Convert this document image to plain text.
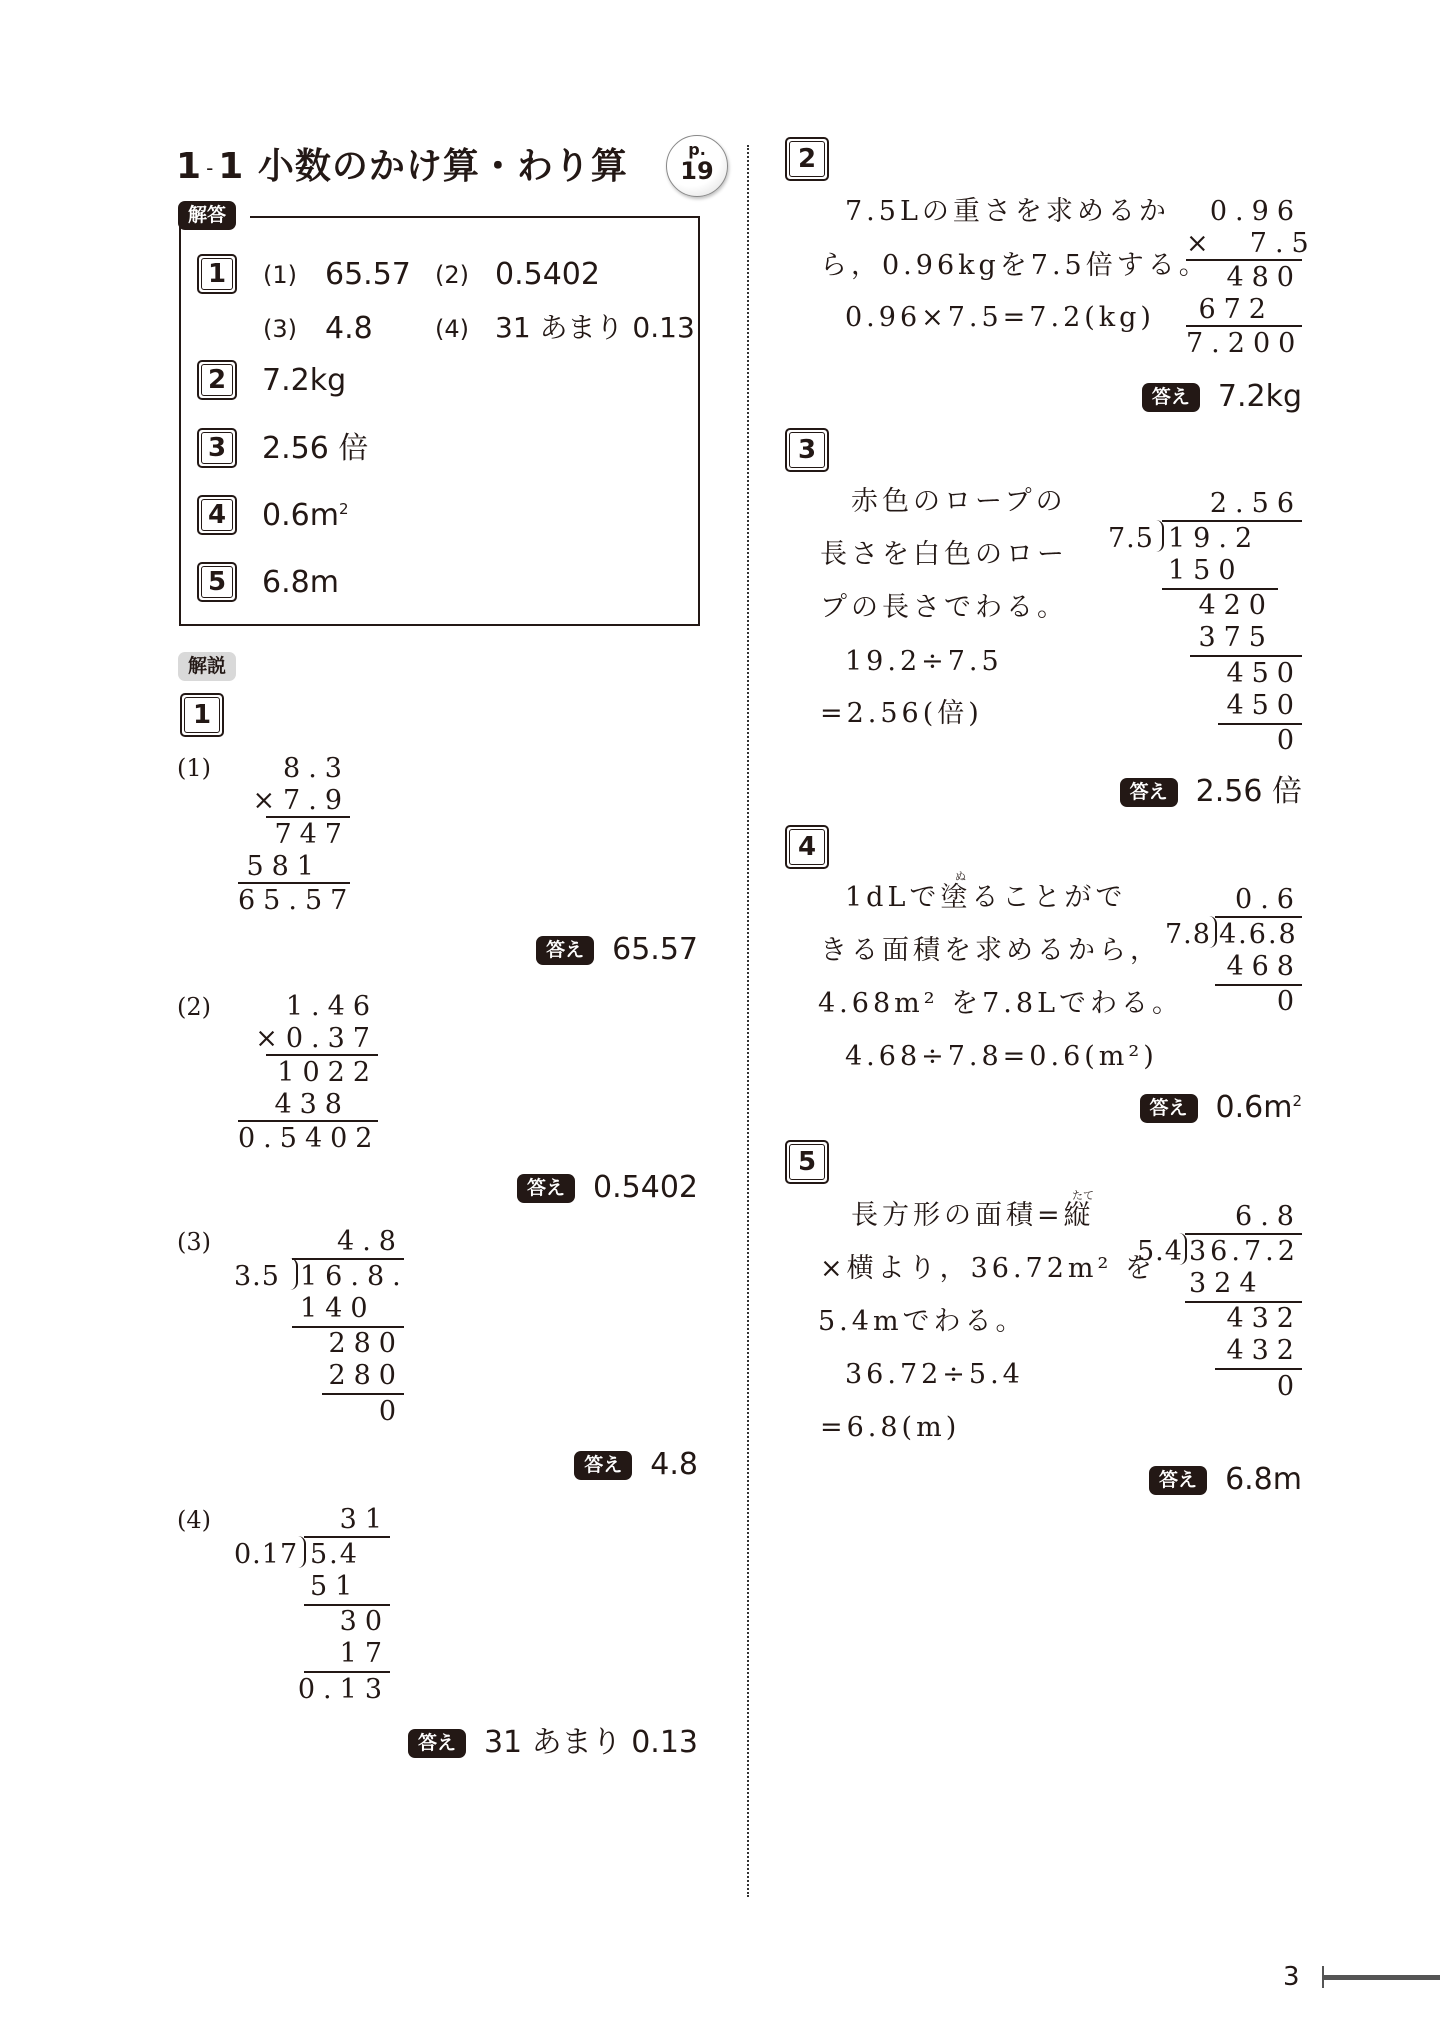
1 - 1 小数のかけ算・わり算	p.
19
解答
1 (1) 65.57 (2) 0.5402
(3) 4.8	(4) 31 あまり 0.13
2 7.2kg
3 2.56 倍
4 $0.6m^2$
5 6.8m
解説
1
(1)	8.3
×7.9
747
581
65.57
答え 65.57
(2)	1.46
×0.37
1022
438
0.5402
答え 0.5402
(3)	4.8
3.5 16.8.
140
280
280
0
答え 4.8
(4)	31
0.17 5.4
51
30
17
0.13
答え 31 あまり 0.13
2
7.5Lの重さを求めるか
ら，0.96kgを7.5倍する。
0.96×7.5=7.2(kg)
0.96
×  7.5
480
672
7.200
答え 7.2kg
3
赤色のロープの
長さを白色のロー
プの長さでわる。
19.2÷7.5
=2.56(倍)
2.56
7.5 19.2
150
420
375
450
450
0
答え 2.56 倍
4
ぬ
1dLで塗ることがで
きる面積を求めるから，
4.68m² を7.8Lでわる。
4.68÷7.8=0.6(m²)
0.6
7.8 4.6.8
468
0
答え $0.6m^2$
5
たて
長方形の面積=縦
×横より，36.72m² を
5.4mでわる。
36.72÷5.4
=6.8(m)
6.8
5.4 36.7.2
324
432
432
0
答え 6.8m
3
